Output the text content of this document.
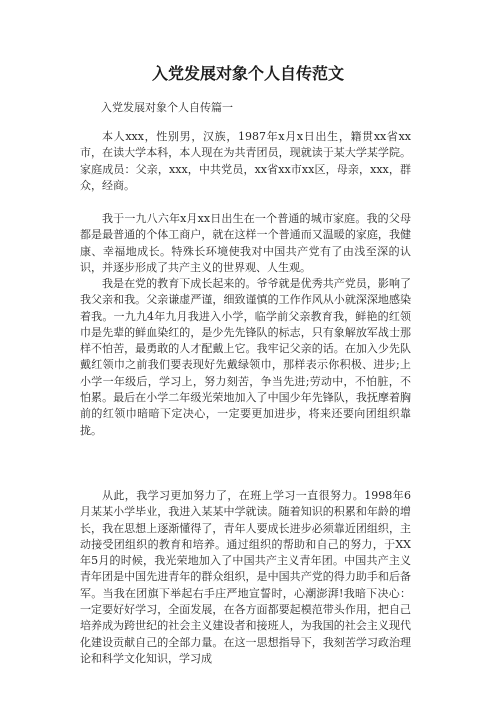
入党发展对象个人自传范文

入党发展对象个人自传篇一

本人xxx，性别男，汉族，1987年x月x日出生，籍贯xx省xx市，在读大学本科，本人现在为共青团员，现就读于某大学某学院。家庭成员：父亲，xxx，中共党员，xx省xx市xx区，母亲，xxx，群众，经商。

我于一九八六年x月xx日出生在一个普通的城市家庭。我的父母都是最普通的个体工商户，就在这样一个普通而又温暖的家庭，我健康、幸福地成长。特殊长环境使我对中国共产党有了由浅至深的认识，并逐步形成了共产主义的世界观、人生观。

我是在党的教育下成长起来的。爷爷就是优秀共产党员，影响了我父亲和我。父亲谦虚严谨，细致谨慎的工作作风从小就深深地感染着我。一九九4年九月我进入小学，临学前父亲教育我，鲜艳的红领巾是先辈的鲜血染红的，是少先先锋队的标志，只有象解放军战士那样不怕苦，最勇敢的人才配戴上它。我牢记父亲的话。在加入少先队戴红领巾之前我们要表现好先戴绿领巾，那样表示你积极、进步;上小学一年级后，学习上，努力刻苦，争当先进;劳动中，不怕脏，不怕累。最后在小学二年级光荣地加入了中国少年先锋队，我抚摩着胸前的红领巾暗暗下定决心，一定要更加进步，将来还要向团组织靠拢。

从此，我学习更加努力了，在班上学习一直很努力。1998年6月某某小学毕业，我进入某某中学就读。随着知识的积累和年龄的增长，我在思想上逐渐懂得了，青年人要成长进步必须靠近团组织，主动接受团组织的教育和培养。通过组织的帮助和自己的努力，于XX年5月的时候，我光荣地加入了中国共产主义青年团。中国共产主义青年团是中国先进青年的群众组织，是中国共产党的得力助手和后备军。当我在团旗下举起右手庄严地宣誓时，心潮澎湃!我暗下决心：一定要好好学习，全面发展，在各方面都要起模范带头作用，把自己培养成为跨世纪的社会主义建设者和接班人，为我国的社会主义现代化建设贡献自己的全部力量。在这一思想指导下，我刻苦学习政治理论和科学文化知识，学习成
